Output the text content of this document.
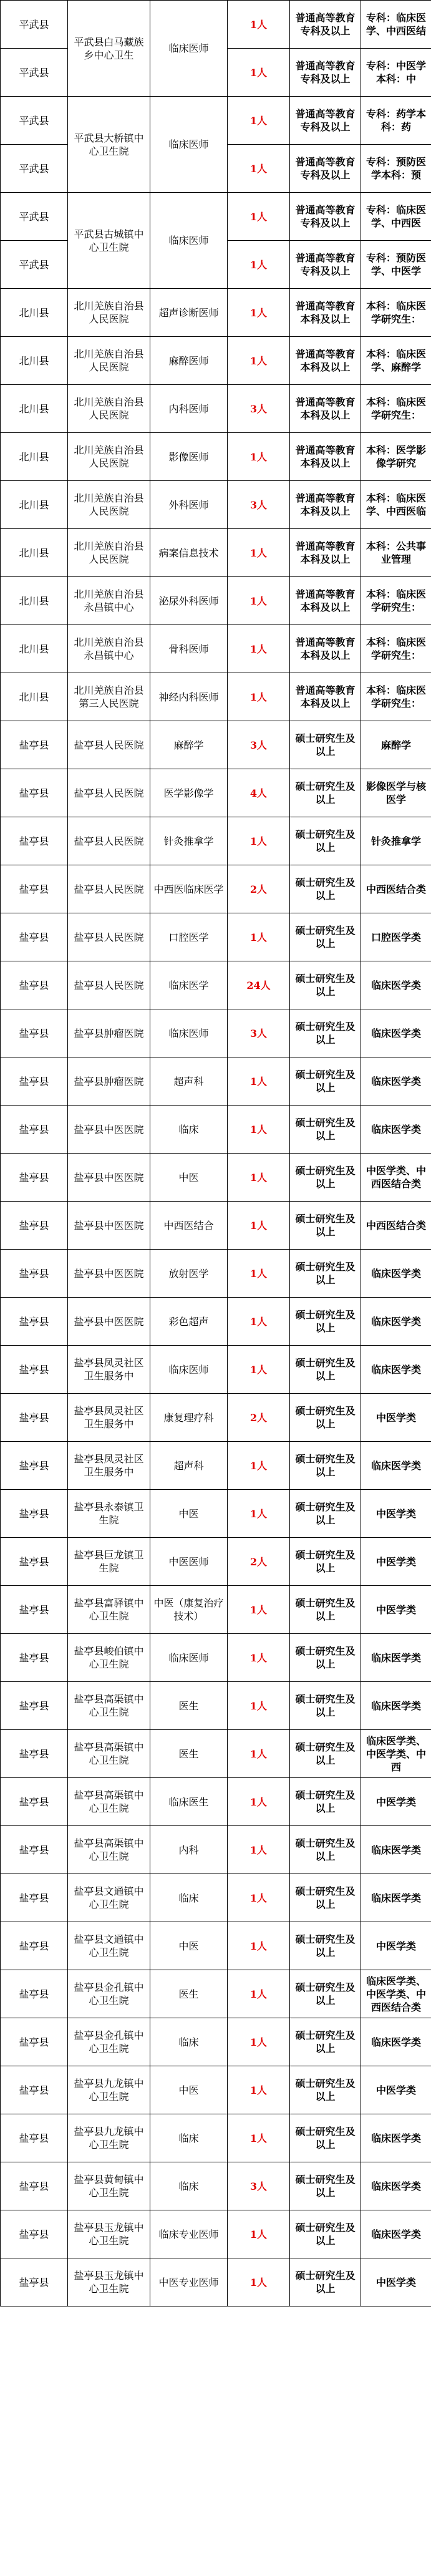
平武县	平武县白马藏族乡中心卫生	临床医师	1人	普通高等教育专科及以上	专科：临床医学、中西医结
平武县			1人	普通高等教育专科及以上	专科：中医学本科：中
平武县	平武县大桥镇中心卫生院	临床医师	1人	普通高等教育专科及以上	专科：药学本科：药
平武县			1人	普通高等教育专科及以上	专科：预防医学本科：预
平武县	平武县古城镇中心卫生院	临床医师	1人	普通高等教育专科及以上	专科：临床医学、中西医
平武县			1人	普通高等教育专科及以上	专科：预防医学、中医学
北川县	北川羌族自治县人民医院	超声诊断医师	1人	普通高等教育本科及以上	本科：临床医学研究生：
北川县	北川羌族自治县人民医院	麻醉医师	1人	普通高等教育本科及以上	本科：临床医学、麻醉学
北川县	北川羌族自治县人民医院	内科医师	3人	普通高等教育本科及以上	本科：临床医学研究生：
北川县	北川羌族自治县人民医院	影像医师	1人	普通高等教育本科及以上	本科：医学影像学研究
北川县	北川羌族自治县人民医院	外科医师	3人	普通高等教育本科及以上	本科：临床医学、中西医临
北川县	北川羌族自治县人民医院	病案信息技术	1人	普通高等教育本科及以上	本科：公共事业管理
北川县	北川羌族自治县永昌镇中心	泌尿外科医师	1人	普通高等教育本科及以上	本科：临床医学研究生：
北川县	北川羌族自治县永昌镇中心	骨科医师	1人	普通高等教育本科及以上	本科：临床医学研究生：
北川县	北川羌族自治县第三人民医院	神经内科医师	1人	普通高等教育本科及以上	本科：临床医学研究生：
盐亭县	盐亭县人民医院	麻醉学	3人	硕士研究生及以上	麻醉学
盐亭县	盐亭县人民医院	医学影像学	4人	硕士研究生及以上	影像医学与核医学
盐亭县	盐亭县人民医院	针灸推拿学	1人	硕士研究生及以上	针灸推拿学
盐亭县	盐亭县人民医院	中西医临床医学	2人	硕士研究生及以上	中西医结合类
盐亭县	盐亭县人民医院	口腔医学	1人	硕士研究生及以上	口腔医学类
盐亭县	盐亭县人民医院	临床医学	24人	硕士研究生及以上	临床医学类
盐亭县	盐亭县肿瘤医院	临床医师	3人	硕士研究生及以上	临床医学类
盐亭县	盐亭县肿瘤医院	超声科	1人	硕士研究生及以上	临床医学类
盐亭县	盐亭县中医医院	临床	1人	硕士研究生及以上	临床医学类
盐亭县	盐亭县中医医院	中医	1人	硕士研究生及以上	中医学类、中西医结合类
盐亭县	盐亭县中医医院	中西医结合	1人	硕士研究生及以上	中西医结合类
盐亭县	盐亭县中医医院	放射医学	1人	硕士研究生及以上	临床医学类
盐亭县	盐亭县中医医院	彩色超声	1人	硕士研究生及以上	临床医学类
盐亭县	盐亭县凤灵社区卫生服务中	临床医师	1人	硕士研究生及以上	临床医学类
盐亭县	盐亭县凤灵社区卫生服务中	康复理疗科	2人	硕士研究生及以上	中医学类
盐亭县	盐亭县凤灵社区卫生服务中	超声科	1人	硕士研究生及以上	临床医学类
盐亭县	盐亭县永泰镇卫生院	中医	1人	硕士研究生及以上	中医学类
盐亭县	盐亭县巨龙镇卫生院	中医医师	2人	硕士研究生及以上	中医学类
盐亭县	盐亭县富驿镇中心卫生院	中医（康复治疗技术）	1人	硕士研究生及以上	中医学类
盐亭县	盐亭县峻伯镇中心卫生院	临床医师	1人	硕士研究生及以上	临床医学类
盐亭县	盐亭县高渠镇中心卫生院	医生	1人	硕士研究生及以上	临床医学类
盐亭县	盐亭县高渠镇中心卫生院	医生	1人	硕士研究生及以上	临床医学类、中医学类、中西
盐亭县	盐亭县高渠镇中心卫生院	临床医生	1人	硕士研究生及以上	中医学类
盐亭县	盐亭县高渠镇中心卫生院	内科	1人	硕士研究生及以上	临床医学类
盐亭县	盐亭县文通镇中心卫生院	临床	1人	硕士研究生及以上	临床医学类
盐亭县	盐亭县文通镇中心卫生院	中医	1人	硕士研究生及以上	中医学类
盐亭县	盐亭县金孔镇中心卫生院	医生	1人	硕士研究生及以上	临床医学类、中医学类、中西医结合类
盐亭县	盐亭县金孔镇中心卫生院	临床	1人	硕士研究生及以上	临床医学类
盐亭县	盐亭县九龙镇中心卫生院	中医	1人	硕士研究生及以上	中医学类
盐亭县	盐亭县九龙镇中心卫生院	临床	1人	硕士研究生及以上	临床医学类
盐亭县	盐亭县黄甸镇中心卫生院	临床	3人	硕士研究生及以上	临床医学类
盐亭县	盐亭县玉龙镇中心卫生院	临床专业医师	1人	硕士研究生及以上	临床医学类
盐亭县	盐亭县玉龙镇中心卫生院	中医专业医师	1人	硕士研究生及以上	中医学类
